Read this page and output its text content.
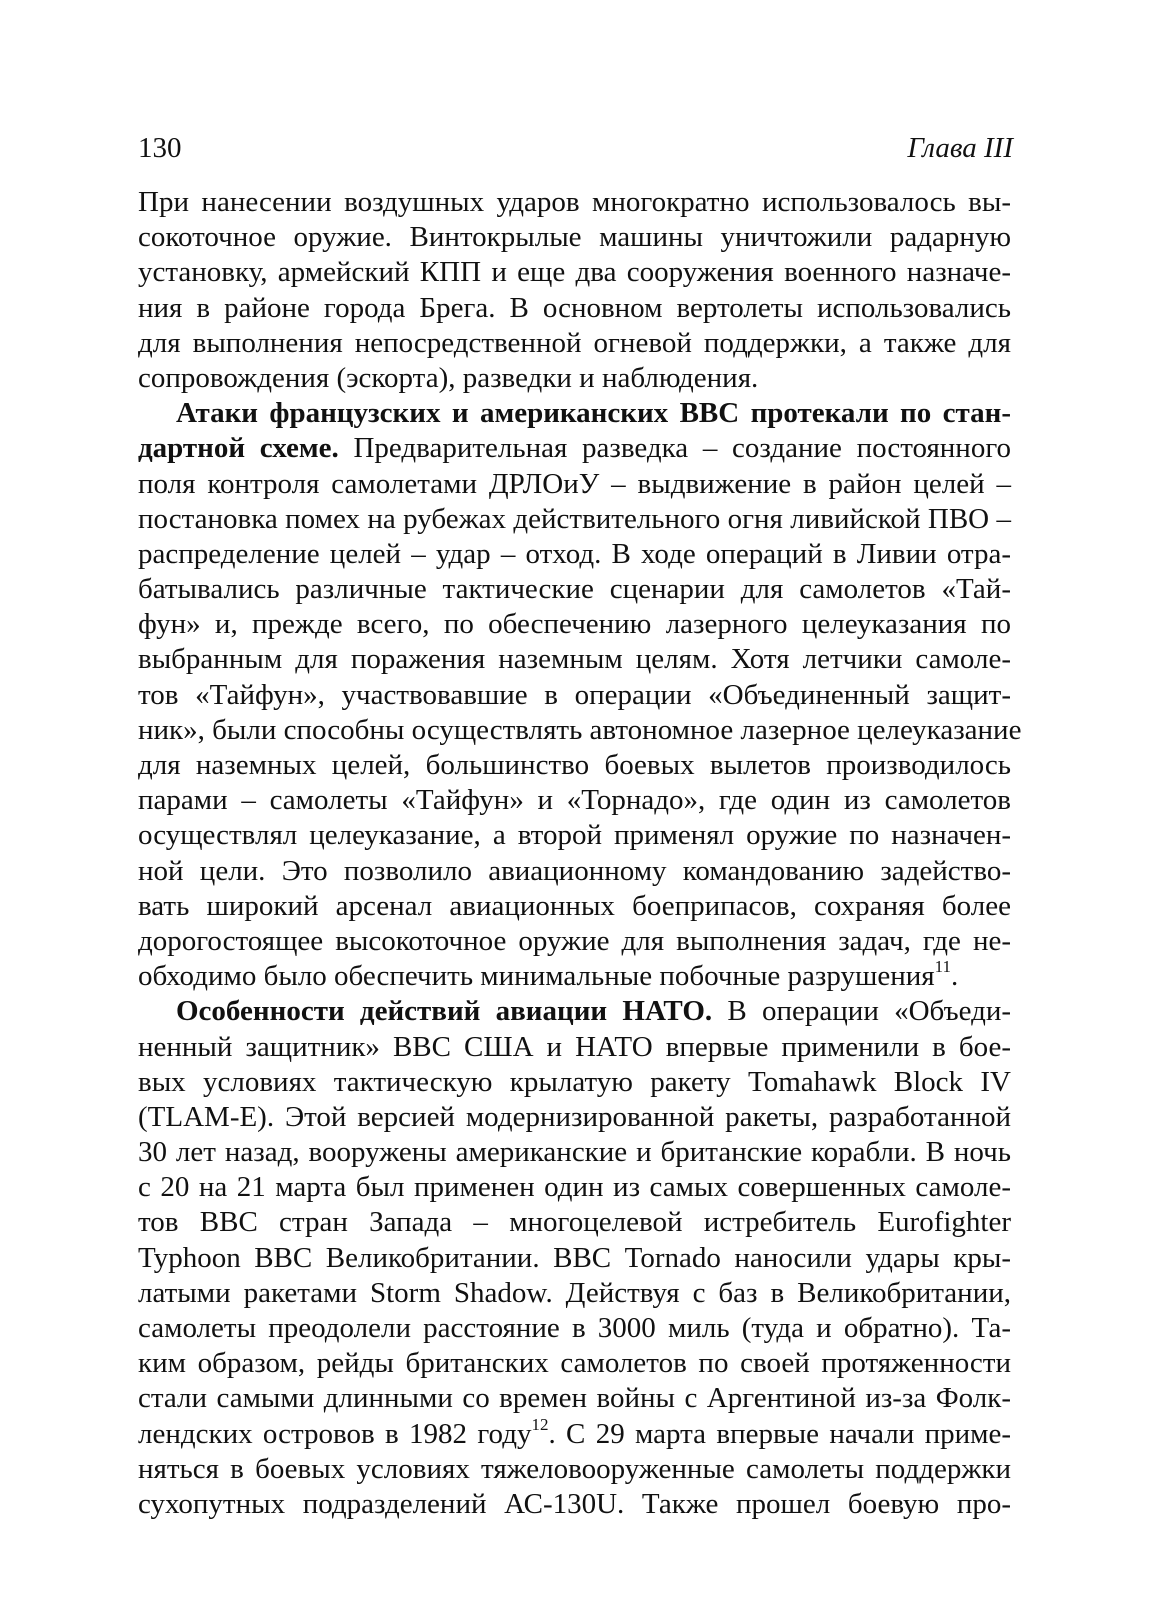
130	Глава III
При нанесении воздушных ударов многократно использовалось вы-
сокоточное оружие. Винтокрылые машины уничтожили радарную
установку, армейский КПП и еще два сооружения военного назначе-
ния в районе города Брега. В основном вертолеты использовались
для выполнения непосредственной огневой поддержки, а также для
сопровождения (эскорта), разведки и наблюдения.
Атаки французских и американских ВВС протекали по стан-
дартной схеме. Предварительная разведка – создание постоянного
поля контроля самолетами ДРЛОиУ – выдвижение в район целей –
постановка помех на рубежах действительного огня ливийской ПВО –
распределение целей – удар – отход. В ходе операций в Ливии отра-
батывались различные тактические сценарии для самолетов «Тай-
фун» и, прежде всего, по обеспечению лазерного целеуказания по
выбранным для поражения наземным целям. Хотя летчики самоле-
тов «Тайфун», участвовавшие в операции «Объединенный защит-
ник», были способны осуществлять автономное лазерное целеуказание
для наземных целей, большинство боевых вылетов производилось
парами – самолеты «Тайфун» и «Торнадо», где один из самолетов
осуществлял целеуказание, а второй применял оружие по назначен-
ной цели. Это позволило авиационному командованию задейство-
вать широкий арсенал авиационных боеприпасов, сохраняя более
дорогостоящее высокоточное оружие для выполнения задач, где не-
обходимо было обеспечить минимальные побочные разрушения$^{11}$.
Особенности действий авиации НАТО. В операции «Объеди-
ненный защитник» ВВС США и НАТО впервые применили в бое-
вых условиях тактическую крылатую ракету Tomahawk Block IV
(TLAM-E). Этой версией модернизированной ракеты, разработанной
30 лет назад, вооружены американские и британские корабли. В ночь
с 20 на 21 марта был применен один из самых совершенных самоле-
тов ВВС стран Запада – многоцелевой истребитель Eurofighter
Typhoon ВВС Великобритании. ВВС Tornado наносили удары кры-
латыми ракетами Storm Shadow. Действуя с баз в Великобритании,
самолеты преодолели расстояние в 3000 миль (туда и обратно). Та-
ким образом, рейды британских самолетов по своей протяженности
стали самыми длинными со времен войны с Аргентиной из-за Фолк-
лендских островов в 1982 году$^{12}$. С 29 марта впервые начали приме-
няться в боевых условиях тяжеловооруженные самолеты поддержки
сухопутных подразделений АС-130U. Также прошел боевую про-
